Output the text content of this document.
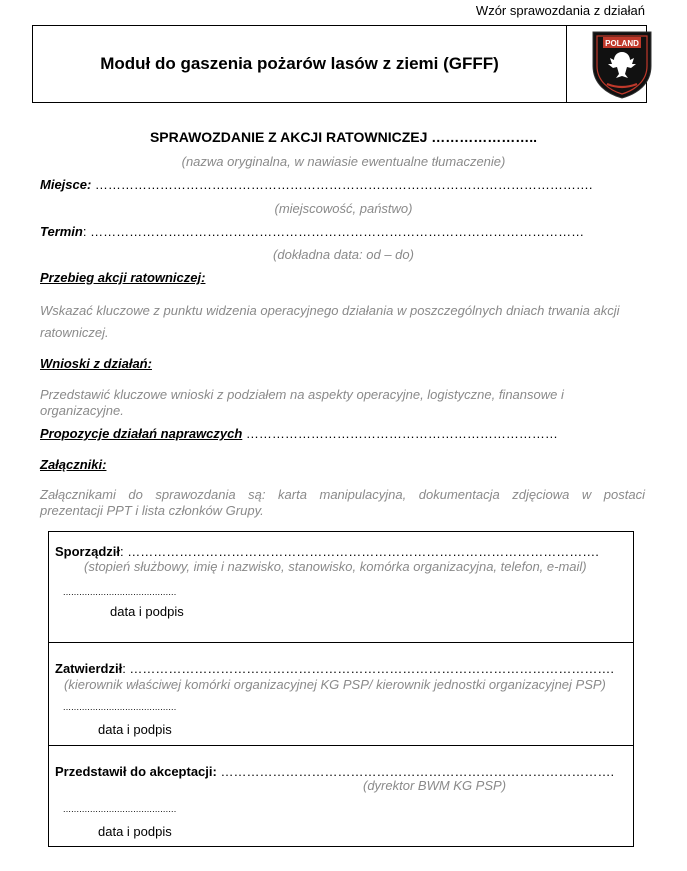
Wzór sprawozdania z działań
Moduł do gaszenia pożarów lasów z ziemi (GFFF)
POLAND
SPRAWOZDANIE Z AKCJI RATOWNICZEJ …………………..
(nazwa oryginalna, w nawiasie ewentualne tłumaczenie)
Miejsce: …………………………………………………………………………………………………….
(miejscowość, państwo)
Termin: ……………………………………………………………………………………………………
(dokładna data: od – do)
Przebieg akcji ratowniczej:
Wskazać kluczowe z punktu widzenia operacyjnego działania w poszczególnych dniach trwania akcji ratowniczej.
Wnioski z działań:
Przedstawić kluczowe wnioski z podziałem na aspekty operacyjne, logistyczne, finansowe i organizacyjne.
Propozycje działań naprawczych ………………………………………………………………
Załączniki:
Załącznikami do sprawozdania są: karta manipulacyjna, dokumentacja zdjęciowa w postaci
prezentacji PPT i lista członków Grupy.
Sporządził: ……………………………………………………………………………………………….
(stopień służbowy, imię i nazwisko, stanowisko, komórka organizacyjna, telefon, e-mail)
..........................................
data i podpis
Zatwierdził: ………………………………………………………………………………………………….
(kierownik właściwej komórki organizacyjnej KG PSP/ kierownik jednostki organizacyjnej PSP)
..........................................
data i podpis
Przedstawił do akceptacji: ……………………………………………………………………………….
(dyrektor BWM KG PSP)
..........................................
data i podpis
